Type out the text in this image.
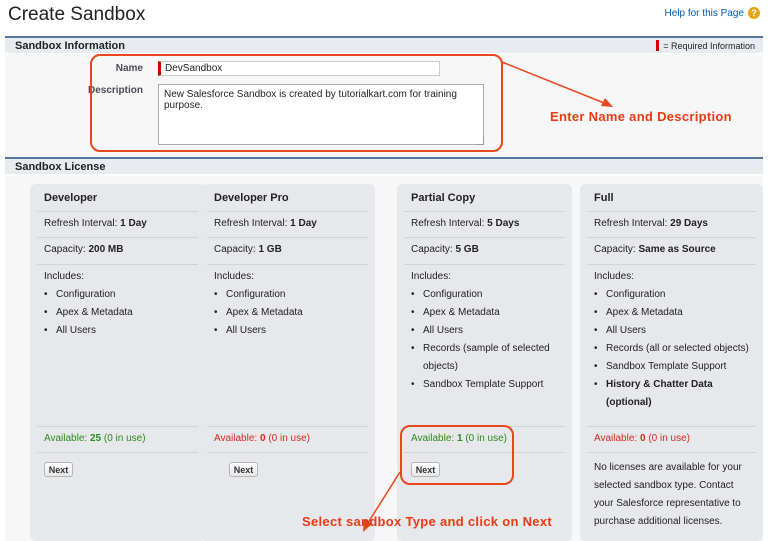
Create Sandbox	Help for this Page ?
Sandbox Information	= Required Information
Name
DevSandbox
Description	New Salesforce Sandbox is created by tutorialkart.com for training purpose.
Enter Name and Description
Sandbox License
Developer
Refresh Interval: 1 Day
Capacity: 200 MB
Includes:
Available: 25 (0 in use)
• Configuration
• Apex & Metadata
• All Users
Next
Developer Pro
Refresh Interval: 1 Day
Capacity: 1 GB
Includes:
Available: 0 (0 in use)
• Configuration
• Apex & Metadata
• All Users
Next
Partial Copy
Refresh Interval: 5 Days
Capacity: 5 GB
Includes:
Available: 1 (0 in use)
• Configuration
• Apex & Metadata
• All Users
• Records (sample of selected objects)
• Sandbox Template Support
Next
Full
Refresh Interval: 29 Days
Capacity: Same as Source
Includes:
Available: 0 (0 in use)
• Configuration
• Apex & Metadata
• All Users
• Records (all or selected objects)
• Sandbox Template Support
• History & Chatter Data (optional)
No licenses are available for your selected sandbox type. Contact your Salesforce representative to purchase additional licenses.
Select sandbox Type and click on Next
